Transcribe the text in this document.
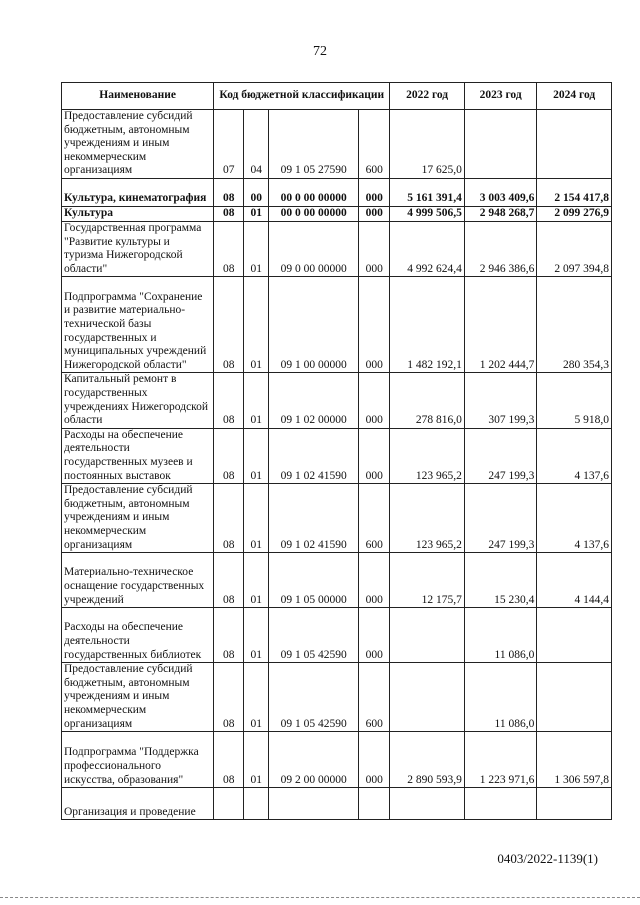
72
Наименование	Код бюджетной классификации				2022 год	2023 год	2024 год
Предоставление субсидий бюджетным, автономным учреждениям и иным некоммерческим организациям	07	04	09 1 05 27590	600	17 625,0		
Культура, кинематография	08	00	00 0 00 00000	000	5 161 391,4	3 003 409,6	2 154 417,8
Культура	08	01	00 0 00 00000	000	4 999 506,5	2 948 268,7	2 099 276,9
Государственная программа "Развитие культуры и туризма Нижегородской области"	08	01	09 0 00 00000	000	4 992 624,4	2 946 386,6	2 097 394,8
Подпрограмма "Сохранение и развитие материально-технической базы государственных и муниципальных учреждений Нижегородской области"	08	01	09 1 00 00000	000	1 482 192,1	1 202 444,7	280 354,3
Капитальный ремонт в государственных учреждениях Нижегородской области	08	01	09 1 02 00000	000	278 816,0	307 199,3	5 918,0
Расходы на обеспечение деятельности государственных музеев и постоянных выставок	08	01	09 1 02 41590	000	123 965,2	247 199,3	4 137,6
Предоставление субсидий бюджетным, автономным учреждениям и иным некоммерческим организациям	08	01	09 1 02 41590	600	123 965,2	247 199,3	4 137,6
Материально-техническое оснащение государственных учреждений	08	01	09 1 05 00000	000	12 175,7	15 230,4	4 144,4
Расходы на обеспечение деятельности государственных библиотек	08	01	09 1 05 42590	000		11 086,0	
Предоставление субсидий бюджетным, автономным учреждениям и иным некоммерческим организациям	08	01	09 1 05 42590	600		11 086,0	
Подпрограмма "Поддержка профессионального искусства, образования"	08	01	09 2 00 00000	000	2 890 593,9	1 223 971,6	1 306 597,8
Организация и проведение							
0403/2022-1139(1)
